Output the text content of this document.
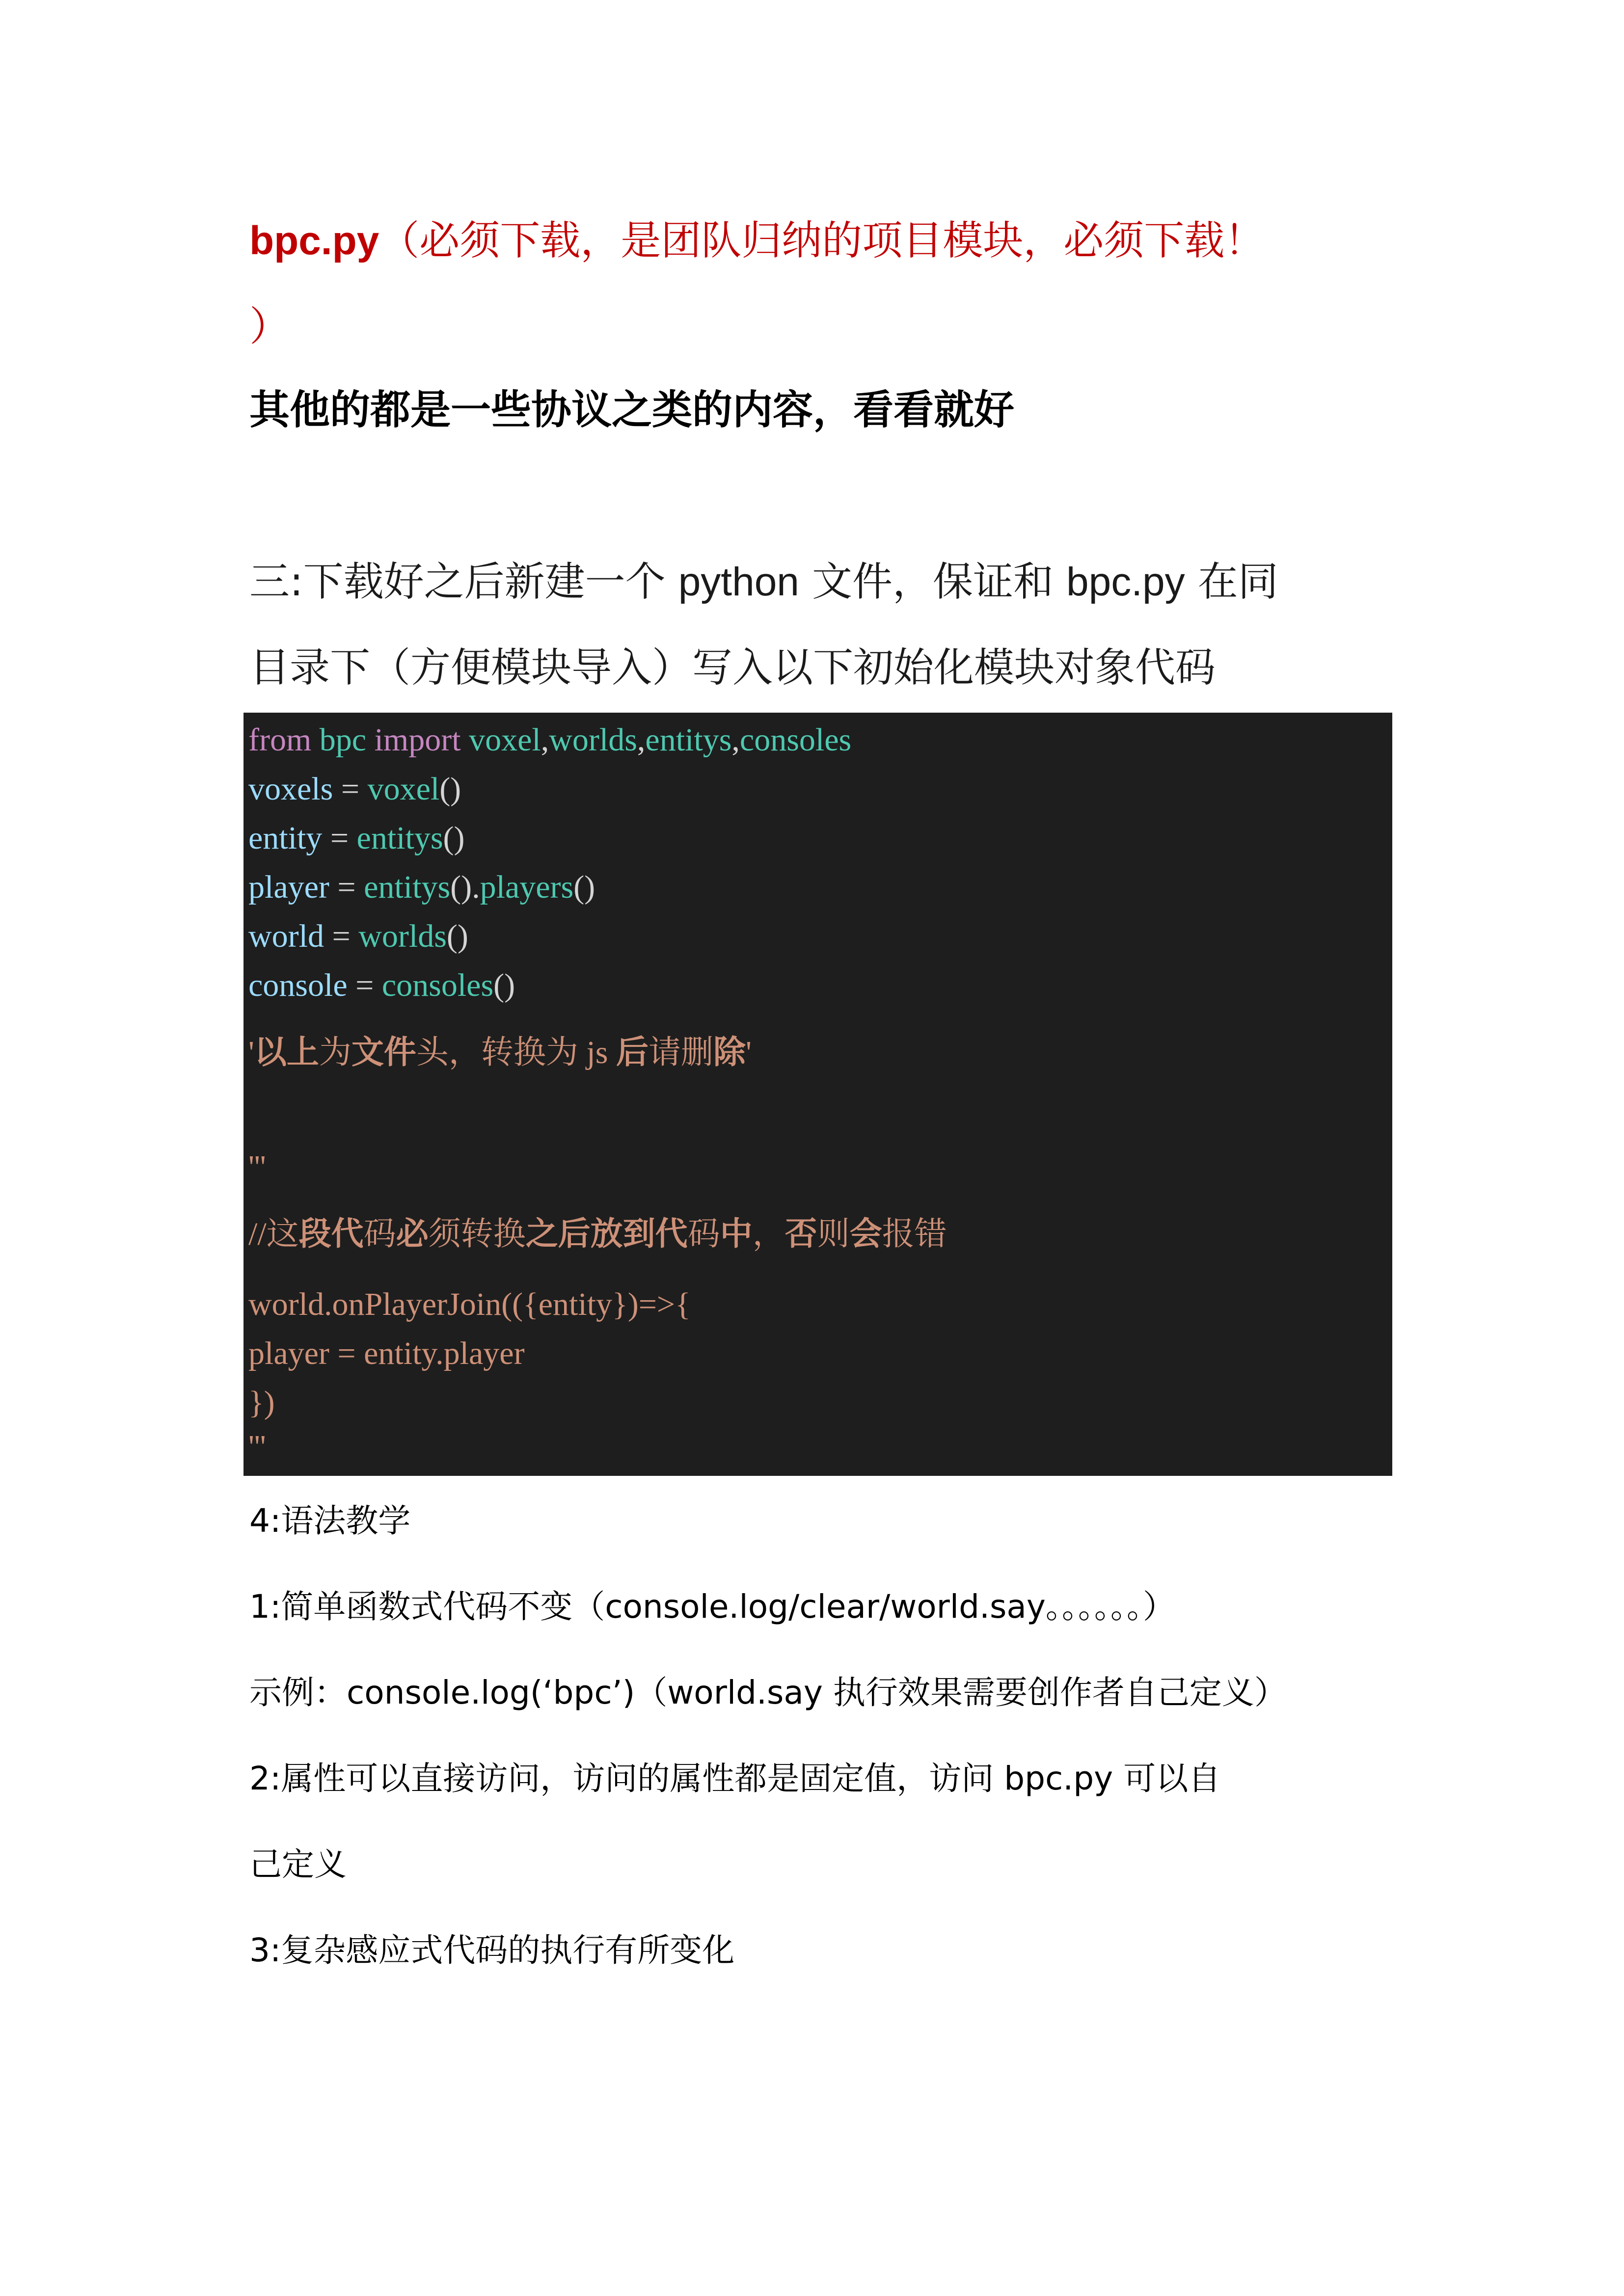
bpc.py（必须下载，是团队归纳的项目模块，必须下载！
）
其他的都是一些协议之类的内容，看看就好
三:下载好之后新建一个 python 文件，保证和 bpc.py 在同
目录下（方便模块导入）写入以下初始化模块对象代码
from bpc import voxel,worlds,entitys,consoles
voxels = voxel()
entity = entitys()
player = entitys().players()
world = worlds()
console = consoles()
'以上为文件头，转换为 js 后请删除'
'''
//这段代码必须转换之后放到代码中，否则会报错
world.onPlayerJoin(({entity})=>{
player = entity.player
})
'''
4:语法教学
1:简单函数式代码不变（console.log/clear/world.say。。。。。。）
示例：console.log(‘bpc’)（world.say 执行效果需要创作者自己定义）
2:属性可以直接访问，访问的属性都是固定值，访问 bpc.py 可以自
己定义
3:复杂感应式代码的执行有所变化
